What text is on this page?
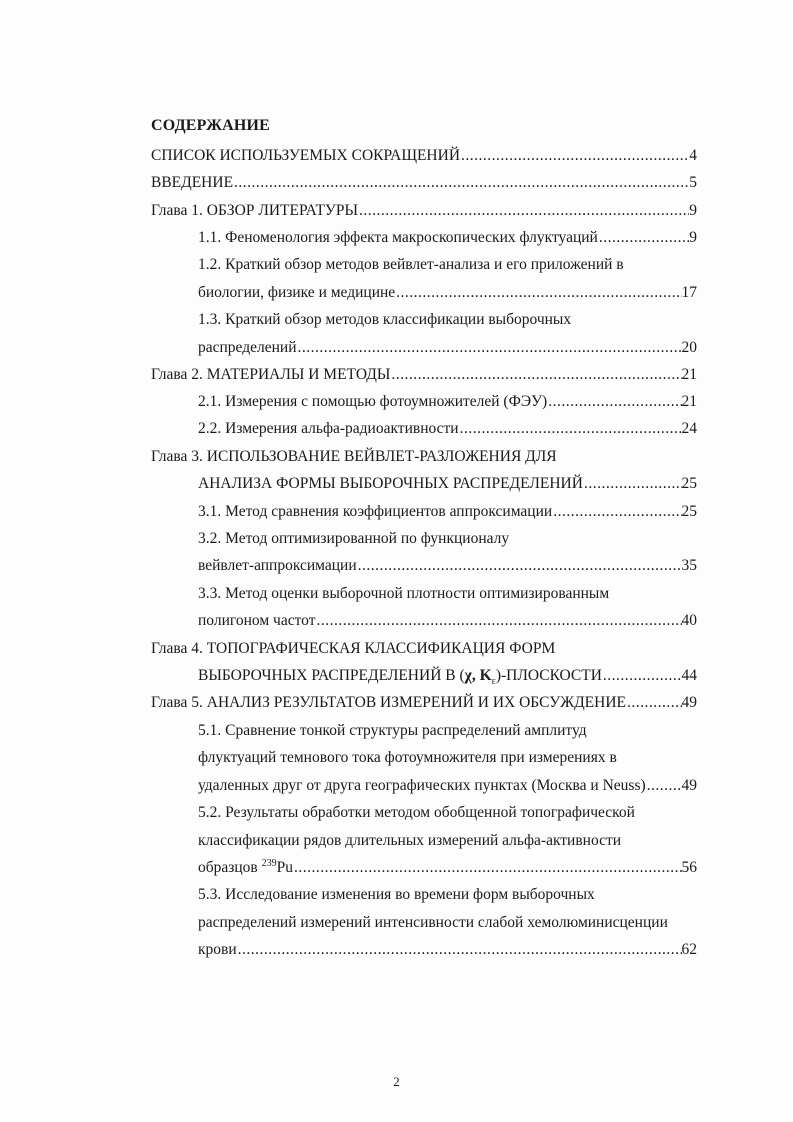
СОДЕРЖАНИЕ
СПИСОК ИСПОЛЬЗУЕМЫХ СОКРАЩЕНИЙ .....	4
ВВЕДЕНИЕ .....	5
Глава 1. ОБЗОР ЛИТЕРАТУРЫ .....	9
1.1. Феноменология эффекта макроскопических флуктуаций .....	9
1.2. Краткий обзор методов вейвлет-анализа и его приложений в
биологии, физике и медицине .....	17
1.3. Краткий обзор методов классификации выборочных
распределений .....	20
Глава 2. МАТЕРИАЛЫ И МЕТОДЫ .....	21
2.1. Измерения с помощью фотоумножителей (ФЭУ) .....	21
2.2. Измерения альфа-радиоактивности .....	24
Глава 3. ИСПОЛЬЗОВАНИЕ ВЕЙВЛЕТ-РАЗЛОЖЕНИЯ ДЛЯ
АНАЛИЗА ФОРМЫ ВЫБОРОЧНЫХ РАСПРЕДЕЛЕНИЙ .....	25
3.1. Метод сравнения коэффициентов аппроксимации .....	25
3.2. Метод оптимизированной по функционалу
вейвлет-аппроксимации .....	35
3.3. Метод оценки выборочной плотности оптимизированным
полигоном частот .....	40
Глава 4. ТОПОГРАФИЧЕСКАЯ КЛАССИФИКАЦИЯ ФОРМ
ВЫБОРОЧНЫХ РАСПРЕДЕЛЕНИЙ В (χ, $K_\varepsilon$)-ПЛОСКОСТИ .....	44
Глава 5. АНАЛИЗ РЕЗУЛЬТАТОВ ИЗМЕРЕНИЙ И ИХ ОБСУЖДЕНИЕ .....	49
5.1. Сравнение тонкой структуры распределений амплитуд
флуктуаций темнового тока фотоумножителя при измерениях в
удаленных друг от друга географических пунктах (Москва и Neuss) ..... 49
5.2. Результаты обработки методом обобщенной топографической
классификации рядов длительных измерений альфа-активности
образцов $^{239}$Pu .....	56
5.3. Исследование изменения во времени форм выборочных
распределений измерений интенсивности слабой хемолюминисценции
крови .....	62
2
